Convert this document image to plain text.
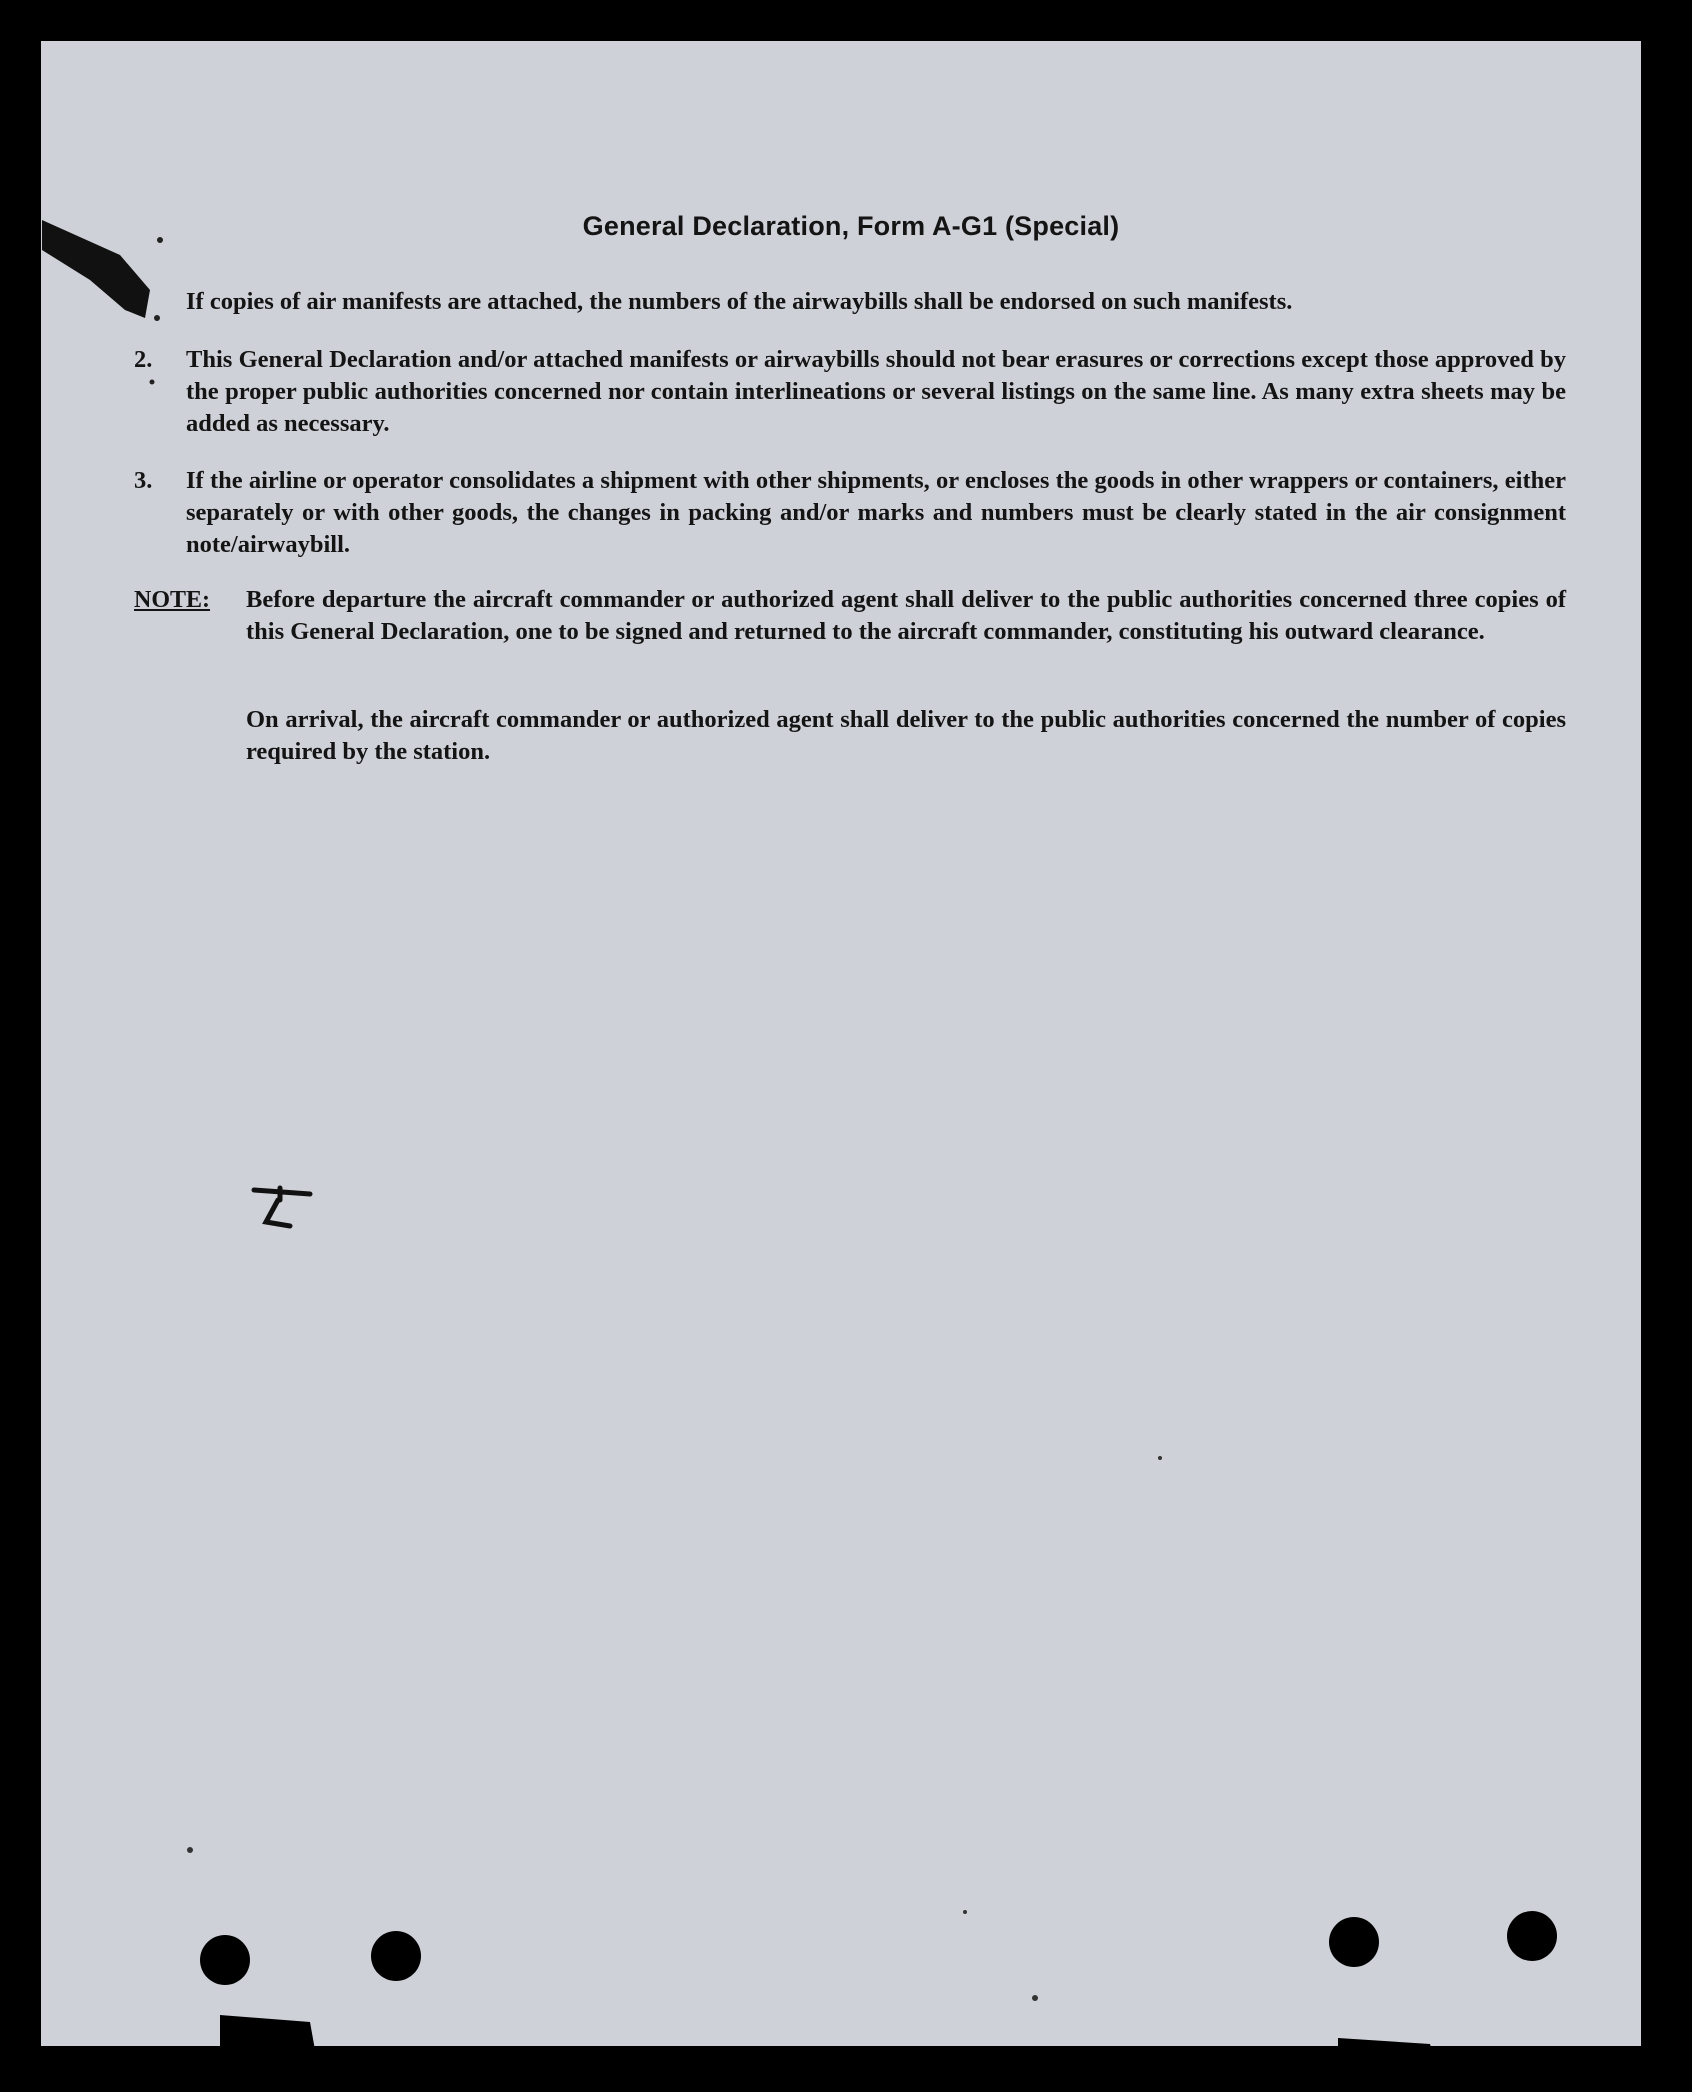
General Declaration, Form A-G1 (Special)
If copies of air manifests are attached, the numbers of the airwaybills shall be endorsed on such manifests.
2. This General Declaration and/or attached manifests or airwaybills should not bear erasures or corrections except those approved by the proper public authorities concerned nor contain interlineations or several listings on the same line. As many extra sheets may be added as necessary.
3. If the airline or operator consolidates a shipment with other shipments, or encloses the goods in other wrappers or containers, either separately or with other goods, the changes in packing and/or marks and numbers must be clearly stated in the air consignment note/airwaybill.
NOTE: Before departure the aircraft commander or authorized agent shall deliver to the public authorities concerned three copies of this General Declaration, one to be signed and returned to the aircraft commander, constituting his outward clearance.
On arrival, the aircraft commander or authorized agent shall deliver to the public authorities concerned the number of copies required by the station.
